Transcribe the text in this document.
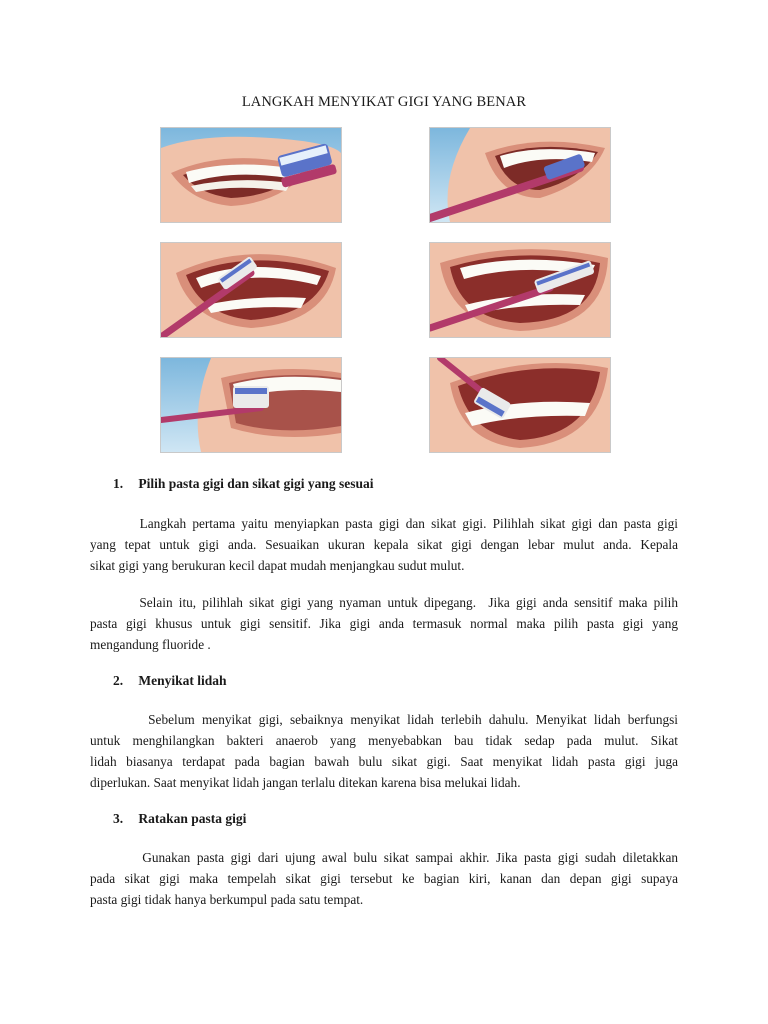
LANGKAH MENYIKAT GIGI YANG BENAR
1. Pilih pasta gigi dan sikat gigi yang sesuai
Langkah pertama yaitu menyiapkan pasta gigi dan sikat gigi. Pilihlah sikat gigi dan pasta gigi
yang tepat untuk gigi anda. Sesuaikan ukuran kepala sikat gigi dengan lebar mulut anda. Kepala
sikat gigi yang berukuran kecil dapat mudah menjangkau sudut mulut.
Selain itu, pilihlah sikat gigi yang nyaman untuk dipegang.  Jika gigi anda sensitif maka pilih
pasta gigi khusus untuk gigi sensitif. Jika gigi anda termasuk normal maka pilih pasta gigi yang
mengandung fluoride .
2. Menyikat lidah
Sebelum menyikat gigi, sebaiknya menyikat lidah terlebih dahulu. Menyikat lidah berfungsi
untuk menghilangkan bakteri anaerob yang menyebabkan bau tidak sedap pada mulut. Sikat
lidah biasanya terdapat pada bagian bawah bulu sikat gigi. Saat menyikat lidah pasta gigi juga
diperlukan. Saat menyikat lidah jangan terlalu ditekan karena bisa melukai lidah.
3. Ratakan pasta gigi
Gunakan pasta gigi dari ujung awal bulu sikat sampai akhir. Jika pasta gigi sudah diletakkan
pada sikat gigi maka tempelah sikat gigi tersebut ke bagian kiri, kanan dan depan gigi supaya
pasta gigi tidak hanya berkumpul pada satu tempat.
